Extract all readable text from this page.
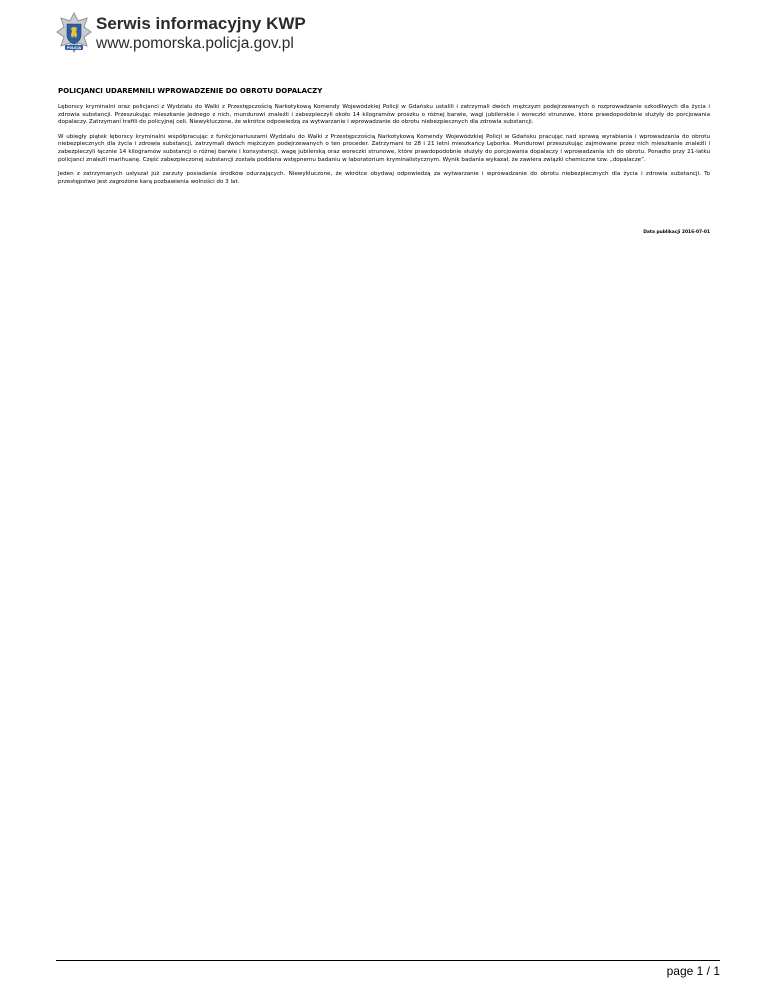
POLICJA
Serwis informacyjny KWP
www.pomorska.policja.gov.pl
POLICJANCI UDAREMNILI WPROWADZENIE DO OBROTU DOPALACZY

Lęborscy kryminalni oraz policjanci z Wydziału do Walki z Przestępczością Narkotykową Komendy Wojewódzkiej Policji w Gdańsku ustalili i zatrzymali dwóch mężczyzn podejrzewanych o rozprowadzanie szkodliwych dla życia i zdrowia substancji. Przeszukując mieszkanie jednego z nich, mundurowi znaleźli i zabezpieczyli około 14 kilogramów proszku o różnej barwie, wagi jubilerskie i woreczki strunowe, które prawdopodobnie służyły do porcjowania dopalaczy. Zatrzymani trafili do policyjnej celi. Niewykluczone, że wkrótce odpowiedzą za wytwarzanie i wprowadzanie do obrotu niebezpiecznych dla zdrowia substancji.

W ubiegły piątek lęborscy kryminalni współpracując z funkcjonariuszami Wydziału do Walki z Przestępczością Narkotykową Komendy Wojewódzkiej Policji w Gdańsku pracując nad sprawą wyrabiania i wprowadzania do obrotu niebezpiecznych dla życia i zdrowia substancji, zatrzymali dwóch mężczyzn podejrzewanych o ten proceder. Zatrzymani to 28 i 21 letni mieszkańcy Lęborka. Mundurowi przeszukując zajmowane przez nich mieszkanie znaleźli i zabezpieczyli łącznie 14 kilogramów substancji o różnej barwie i konsystencji, wagę jubilerską oraz woreczki strunowe, które prawdopodobnie służyły do porcjowania dopalaczy i wprowadzania ich do obrotu. Ponadto przy 21-latku policjanci znaleźli marihuanę. Część zabezpieczonej substancji została poddana wstępnemu badaniu w laboratorium kryminalistycznym. Wynik badania wykazał, że zawiera związki chemiczne tzw. „dopalacze”.

Jeden z zatrzymanych usłyszał już zarzuty posiadania środków odurzających. Niewykluczone, że wkrótce obydwaj odpowiedzą za wytwarzanie i wprowadzanie do obrotu niebezpiecznych dla życia i zdrowia substancji. To przestępstwo jest zagrożone karą pozbawienia wolności do 3 lat.

Data publikacji 2016-07-01
page 1 / 1
